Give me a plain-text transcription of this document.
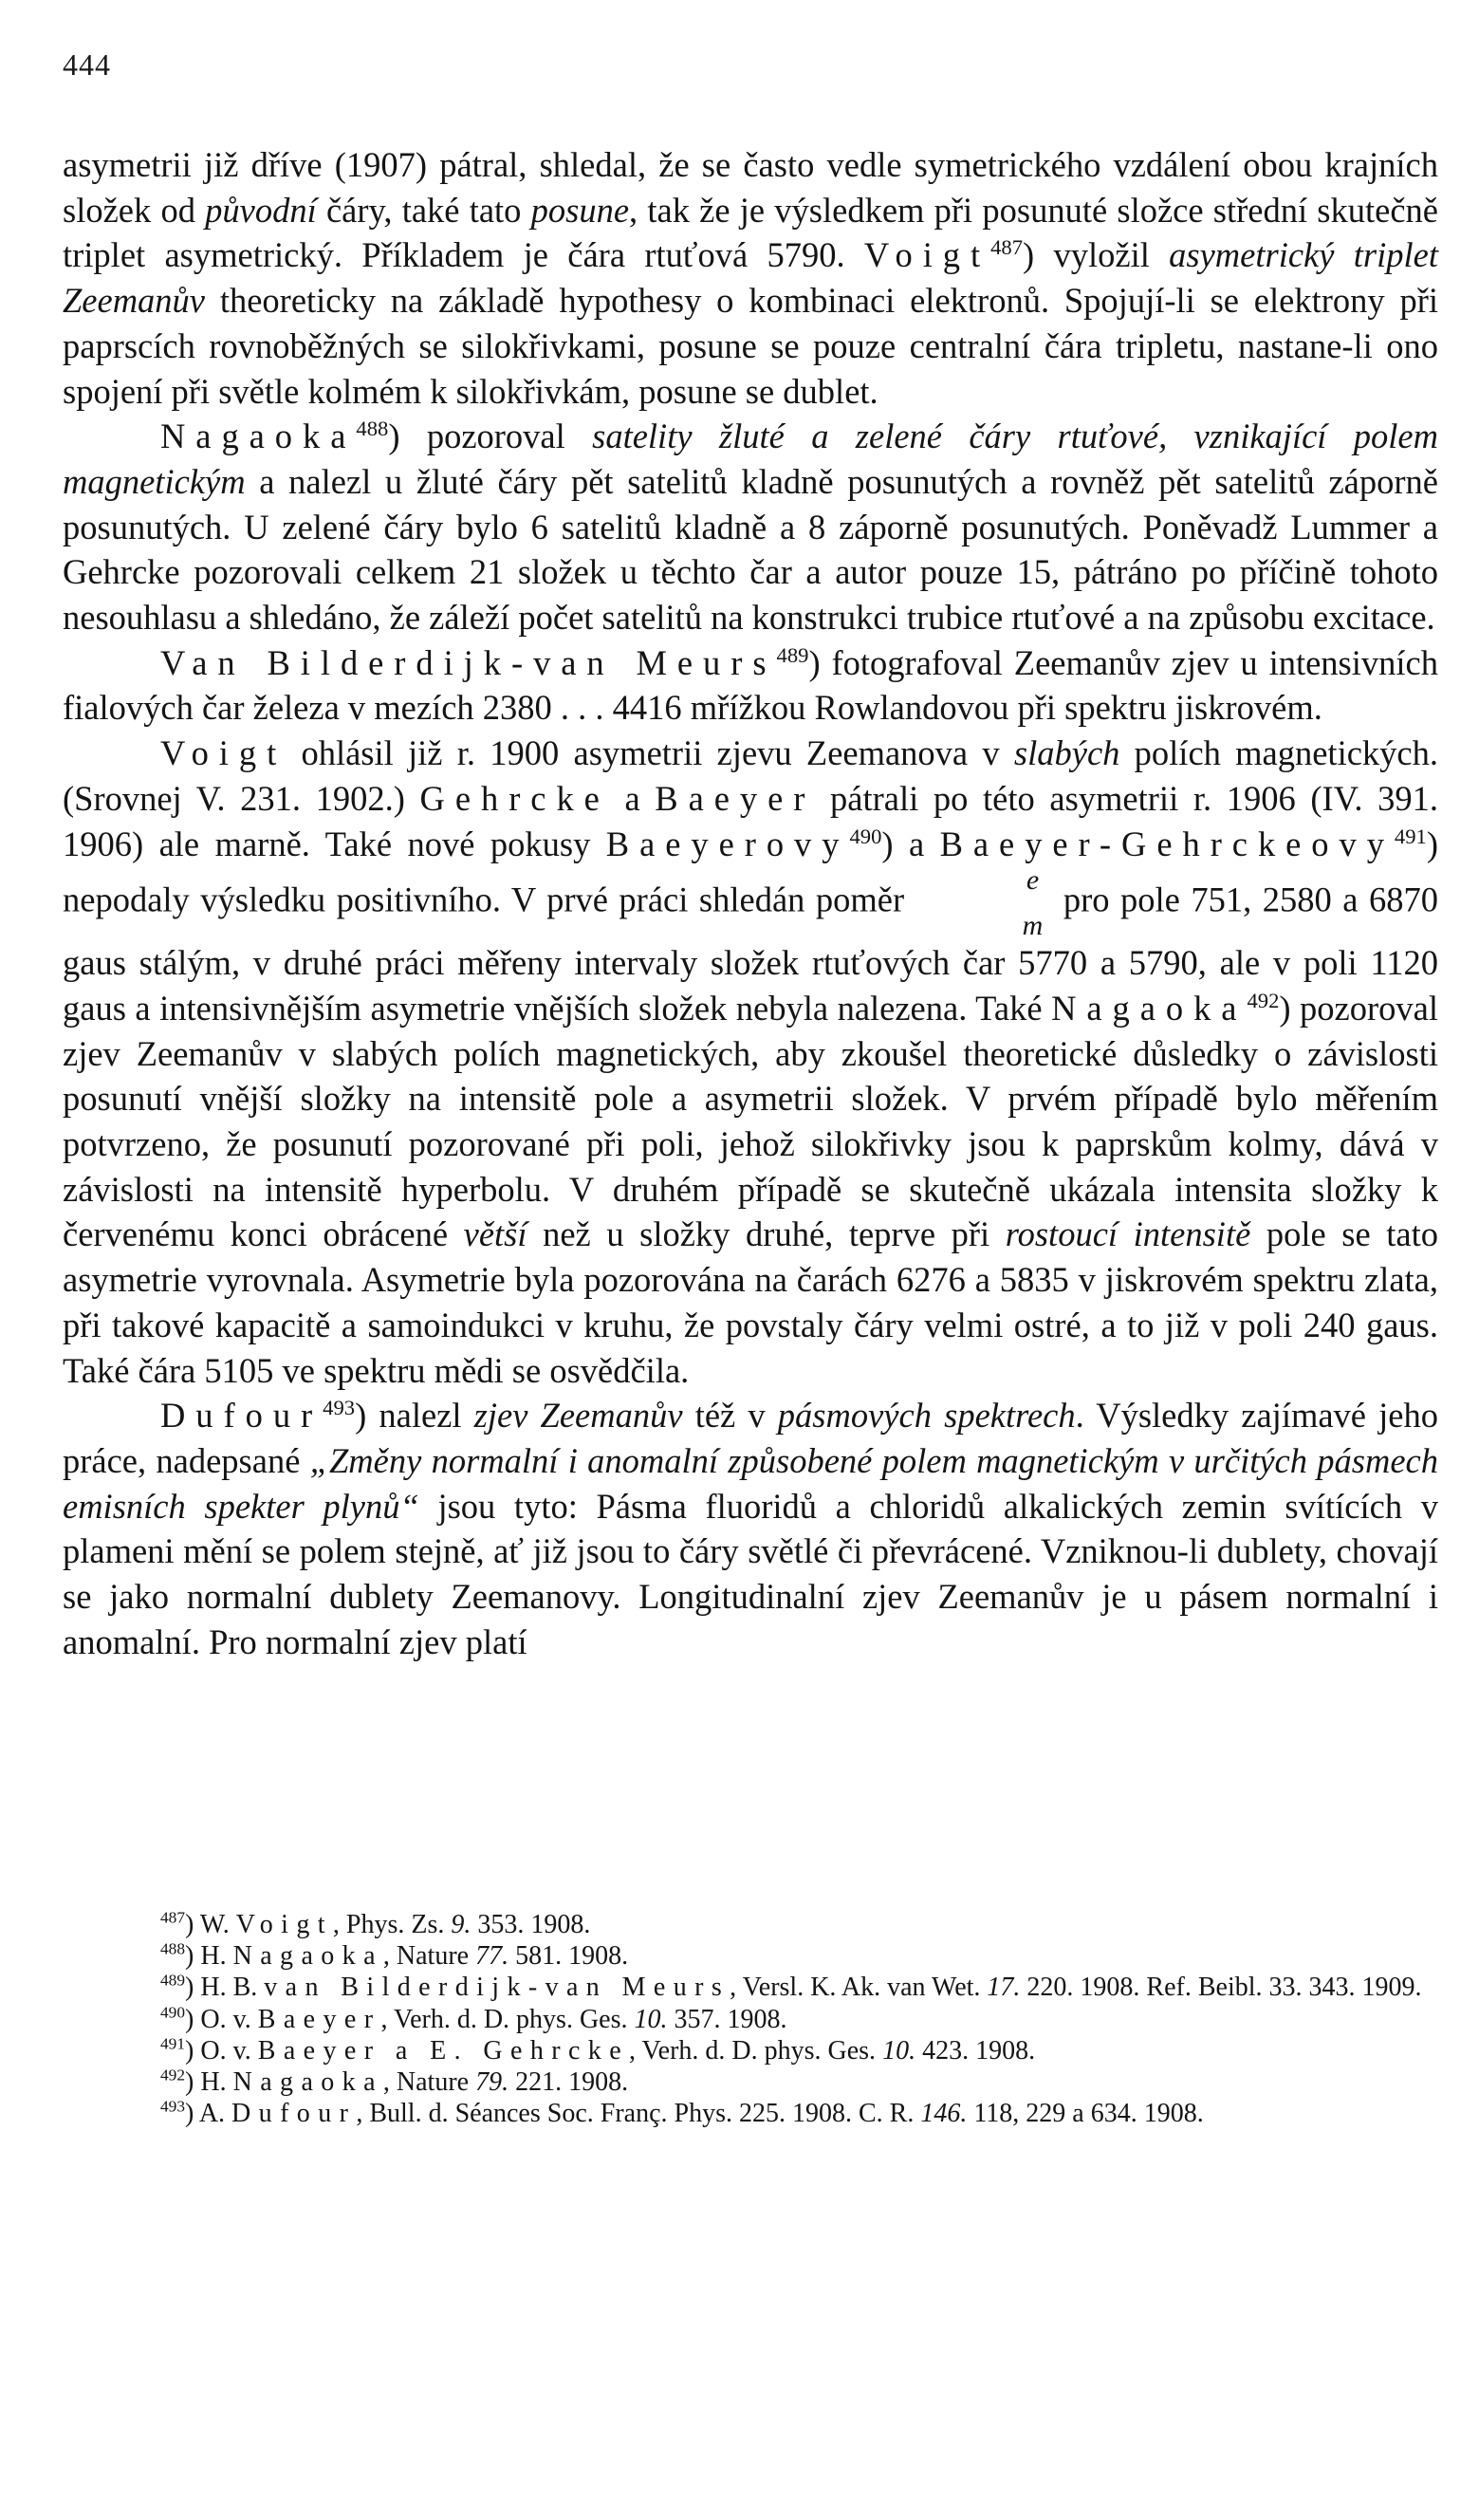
444

asymetrii již dříve (1907) pátral, shledal, že se často vedle symetrického vzdálení obou krajních složek od původní čáry, také tato posune, tak že je výsledkem při posunuté složce střední skutečně triplet asymetrický. Příkladem je čára rtuťová 5790. Voigt$^{487}$) vyložil asymetrický triplet Zeemanův theoreticky na základě hypothesy o kombinaci elektronů. Spojují-li se elektrony při paprscích rovnoběžných se silokřivkami, posune se pouze centralní čára tripletu, nastane-li ono spojení při světle kolmém k silokřivkám, posune se dublet.

Nagaoka$^{488}$) pozoroval satelity žluté a zelené čáry rtuťové, vznikající polem magnetickým a nalezl u žluté čáry pět satelitů kladně posunutých a rovněž pět satelitů záporně posunutých. U zelené čáry bylo 6 satelitů kladně a 8 záporně posunutých. Poněvadž Lummer a Gehrcke pozorovali celkem 21 složek u těchto čar a autor pouze 15, pátráno po příčině tohoto nesouhlasu a shledáno, že záleží počet satelitů na konstrukci trubice rtuťové a na způsobu excitace.

Van Bilderdijk-van Meurs$^{489}$) fotografoval Zeemanův zjev u intensivních fialových čar železa v mezích 2380 . . . 4416 mřížkou Rowlandovou při spektru jiskrovém.

Voigt ohlásil již r. 1900 asymetrii zjevu Zeemanova v slabých polích magnetických. (Srovnej V. 231. 1902.) Gehrcke a Baeyer pátrali po této asymetrii r. 1906 (IV. 391. 1906) ale marně. Také nové pokusy Baeyerovy$^{490}$) a Baeyer-Gehrckeovy$^{491}$) nepodaly výsledku positivního. V prvé práci shledán poměr	e
m
pro pole 751, 2580 a 6870 gaus stálým, v druhé práci měřeny intervaly složek rtuťových čar 5770 a 5790, ale v poli 1120 gaus a intensivnějším asymetrie vnějších složek nebyla nalezena. Také Nagaoka$^{492}$) pozoroval zjev Zeemanův v slabých polích magnetických, aby zkoušel theoretické důsledky o závislosti posunutí vnější složky na intensitě pole a asymetrii složek. V prvém případě bylo měřením potvrzeno, že posunutí pozorované při poli, jehož silokřivky jsou k paprskům kolmy, dává v závislosti na intensitě hyperbolu. V druhém případě se skutečně ukázala intensita složky k červenému konci obrácené větší než u složky druhé, teprve při rostoucí intensitě pole se tato asymetrie vyrovnala. Asymetrie byla pozorována na čarách 6276 a 5835 v jiskrovém spektru zlata, při takové kapacitě a samoindukci v kruhu, že povstaly čáry velmi ostré, a to již v poli 240 gaus. Také čára 5105 ve spektru mědi se osvědčila.

Dufour$^{493}$) nalezl zjev Zeemanův též v pásmových spektrech. Výsledky zajímavé jeho práce, nadepsané „Změny normalní i anomalní způsobené polem magnetickým v určitých pásmech emisních spekter plynů“ jsou tyto: Pásma fluoridů a chloridů alkalických zemin svítících v plameni mění se polem stejně, ať již jsou to čáry světlé či převrácené. Vzniknou-li dublety, chovají se jako normalní dublety Zeemanovy. Longitudinalní zjev Zeemanův je u pásem normalní i anomalní. Pro normalní zjev platí

$^{487}$) W. Voigt, Phys. Zs. 9. 353. 1908.

$^{488}$) H. Nagaoka, Nature 77. 581. 1908.

$^{489}$) H. B. van Bilderdijk-van Meurs, Versl. K. Ak. van Wet. 17. 220. 1908. Ref. Beibl. 33. 343. 1909.

$^{490}$) O. v. Baeyer, Verh. d. D. phys. Ges. 10. 357. 1908.

$^{491}$) O. v. Baeyer a E. Gehrcke, Verh. d. D. phys. Ges. 10. 423. 1908.

$^{492}$) H. Nagaoka, Nature 79. 221. 1908.

$^{493}$) A. Dufour, Bull. d. Séances Soc. Franç. Phys. 225. 1908. C. R. 146. 118, 229 a 634. 1908.
